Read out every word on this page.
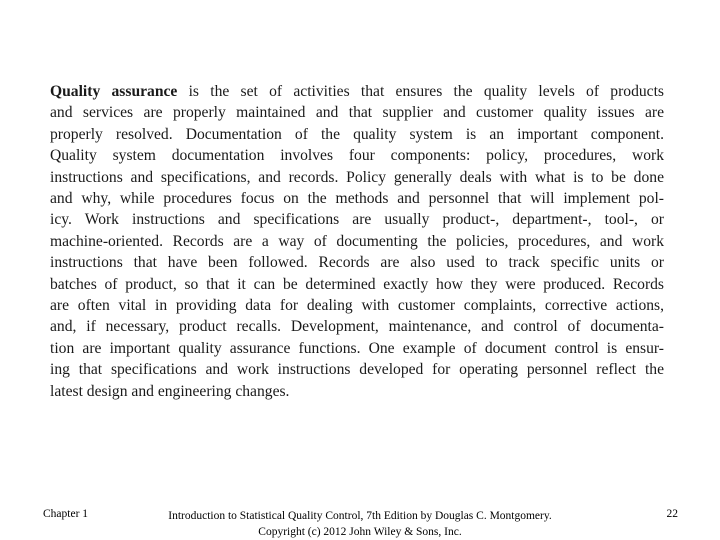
Quality assurance is the set of activities that ensures the quality levels of products
and services are properly maintained and that supplier and customer quality issues are
properly resolved. Documentation of the quality system is an important component.
Quality system documentation involves four components: policy, procedures, work
instructions and specifications, and records. Policy generally deals with what is to be done
and why, while procedures focus on the methods and personnel that will implement pol-
icy. Work instructions and specifications are usually product-, department-, tool-, or
machine-oriented. Records are a way of documenting the policies, procedures, and work
instructions that have been followed. Records are also used to track specific units or
batches of product, so that it can be determined exactly how they were produced. Records
are often vital in providing data for dealing with customer complaints, corrective actions,
and, if necessary, product recalls. Development, maintenance, and control of documenta-
tion are important quality assurance functions. One example of document control is ensur-
ing that specifications and work instructions developed for operating personnel reflect the
latest design and engineering changes.
Chapter 1	Introduction to Statistical Quality Control, 7th Edition by Douglas C. Montgomery.
Copyright (c) 2012 John Wiley & Sons, Inc.
22
